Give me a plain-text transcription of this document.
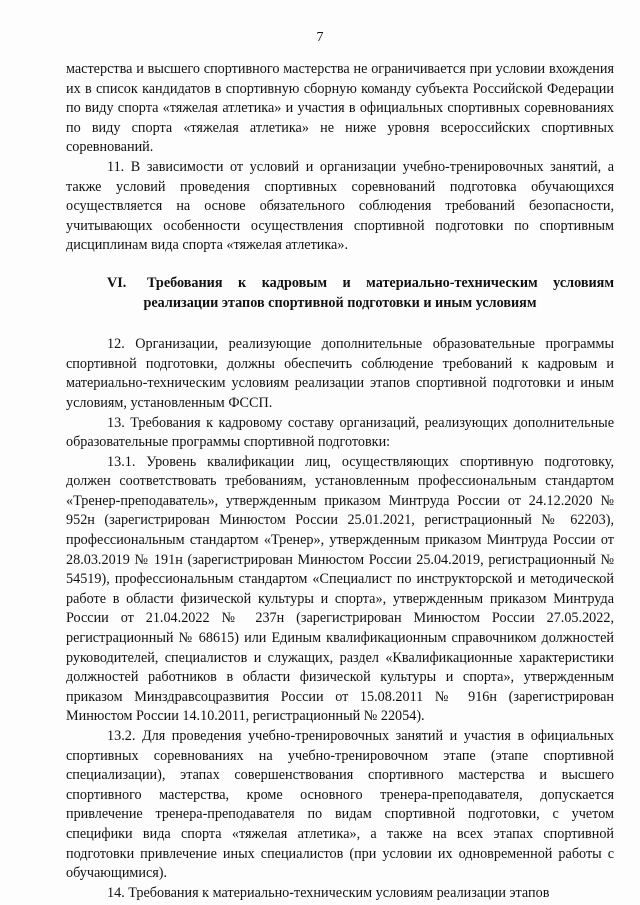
7

мастерства и высшего спортивного мастерства не ограничивается при условии вхождения их в список кандидатов в спортивную сборную команду субъекта Российской Федерации по виду спорта «тяжелая атлетика» и участия в официальных спортивных соревнованиях по виду спорта «тяжелая атлетика» не ниже уровня всероссийских спортивных соревнований.

11. В зависимости от условий и организации учебно-тренировочных занятий, а также условий проведения спортивных соревнований подготовка обучающихся осуществляется на основе обязательного соблюдения требований безопасности, учитывающих особенности осуществления спортивной подготовки по спортивным дисциплинам вида спорта «тяжелая атлетика».

VI. Требования к кадровым и материально-техническим условиям
реализации этапов спортивной подготовки и иным условиям

12. Организации, реализующие дополнительные образовательные программы спортивной подготовки, должны обеспечить соблюдение требований к кадровым и материально-техническим условиям реализации этапов спортивной подготовки и иным условиям, установленным ФССП.

13. Требования к кадровому составу организаций, реализующих дополнительные образовательные программы спортивной подготовки:

13.1. Уровень квалификации лиц, осуществляющих спортивную подготовку, должен соответствовать требованиям, установленным профессиональным стандартом «Тренер-преподаватель», утвержденным приказом Минтруда России от 24.12.2020 № 952н (зарегистрирован Минюстом России 25.01.2021, регистрационный № 62203), профессиональным стандартом «Тренер», утвержденным приказом Минтруда России от 28.03.2019 № 191н (зарегистрирован Минюстом России 25.04.2019, регистрационный № 54519), профессиональным стандартом «Специалист по инструкторской и методической работе в области физической культуры и спорта», утвержденным приказом Минтруда России от 21.04.2022 № 237н (зарегистрирован Минюстом России 27.05.2022, регистрационный № 68615) или Единым квалификационным справочником должностей руководителей, специалистов и служащих, раздел «Квалификационные характеристики должностей работников в области физической культуры и спорта», утвержденным приказом Минздравсоцразвития России от 15.08.2011 № 916н (зарегистрирован Минюстом России 14.10.2011, регистрационный № 22054).

13.2. Для проведения учебно-тренировочных занятий и участия в официальных спортивных соревнованиях на учебно-тренировочном этапе (этапе спортивной специализации), этапах совершенствования спортивного мастерства и высшего спортивного мастерства, кроме основного тренера-преподавателя, допускается привлечение тренера-преподавателя по видам спортивной подготовки, с учетом специфики вида спорта «тяжелая атлетика», а также на всех этапах спортивной подготовки привлечение иных специалистов (при условии их одновременной работы с обучающимися).

14. Требования к материально-техническим условиям реализации этапов
